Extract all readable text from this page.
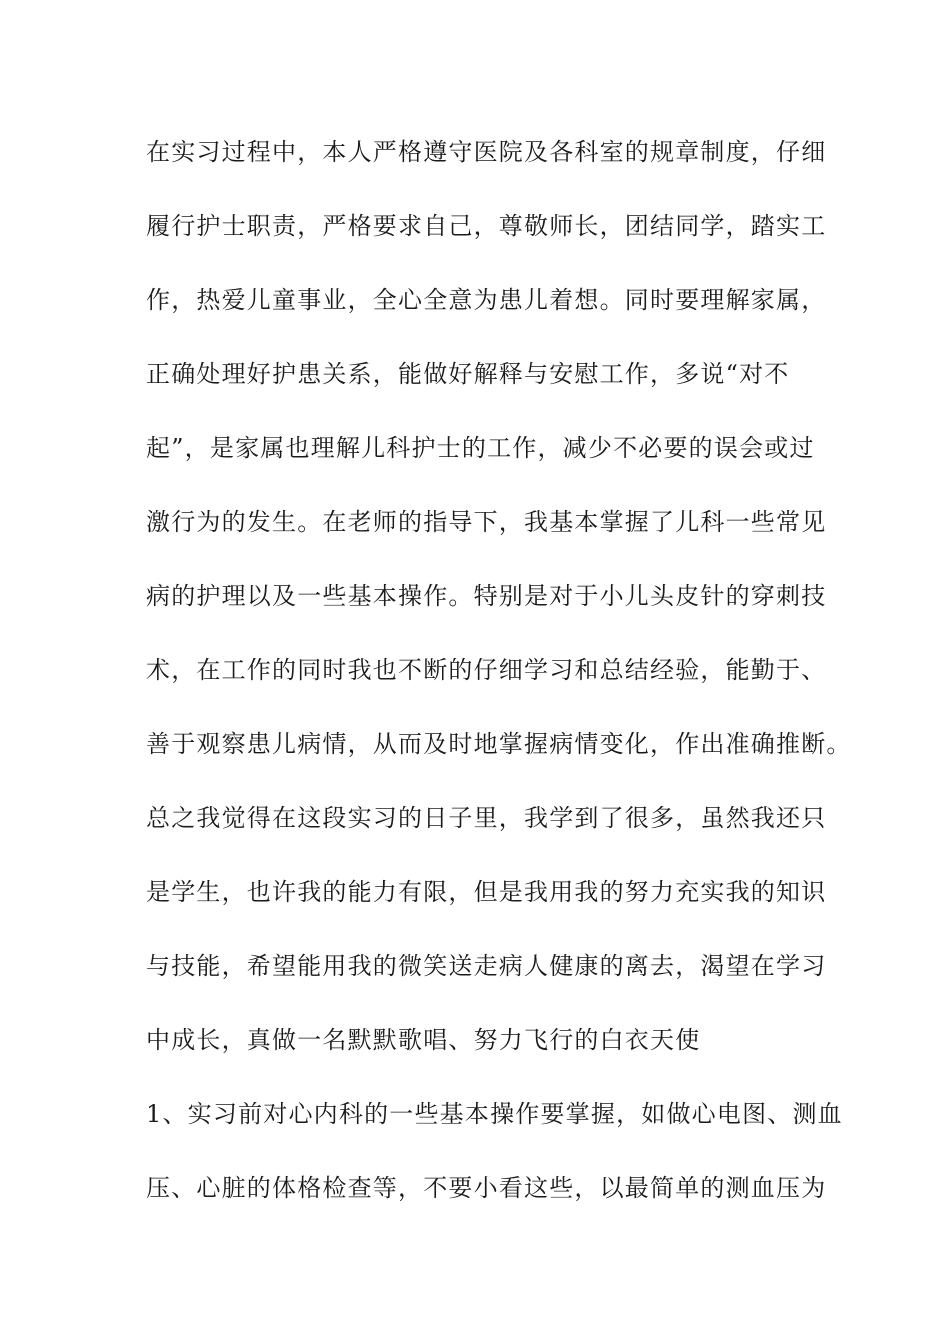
在实习过程中，本人严格遵守医院及各科室的规章制度，仔细
履行护士职责，严格要求自己，尊敬师长，团结同学，踏实工
作，热爱儿童事业，全心全意为患儿着想。同时要理解家属，
正确处理好护患关系，能做好解释与安慰工作，多说“对不
起”，是家属也理解儿科护士的工作，减少不必要的误会或过
激行为的发生。在老师的指导下，我基本掌握了儿科一些常见
病的护理以及一些基本操作。特别是对于小儿头皮针的穿刺技
术，在工作的同时我也不断的仔细学习和总结经验，能勤于、
善于观察患儿病情，从而及时地掌握病情变化，作出准确推断。
总之我觉得在这段实习的日子里，我学到了很多，虽然我还只
是学生，也许我的能力有限，但是我用我的努力充实我的知识
与技能，希望能用我的微笑送走病人健康的离去，渴望在学习
中成长，真做一名默默歌唱、努力飞行的白衣天使
1、实习前对心内科的一些基本操作要掌握，如做心电图、测血
压、心脏的体格检查等，不要小看这些，以最简单的测血压为
